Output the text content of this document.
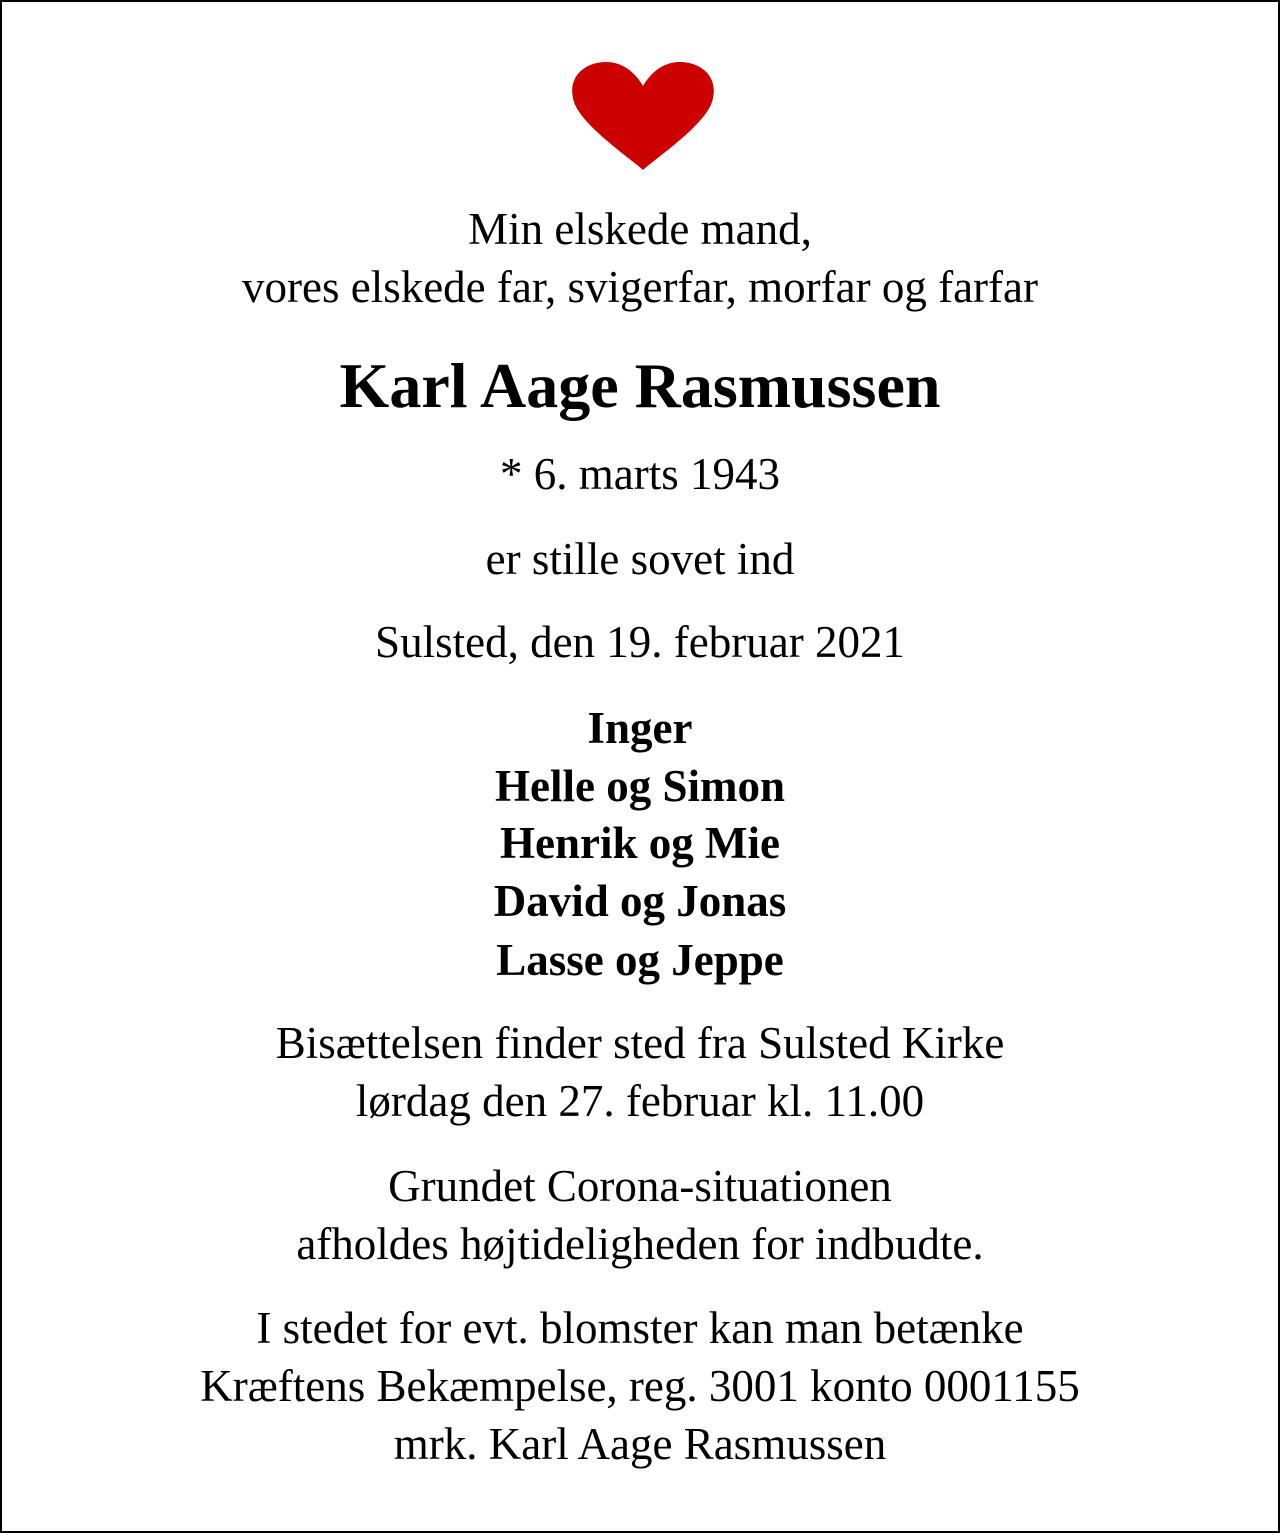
Min elskede mand,
vores elskede far, svigerfar, morfar og farfar
Karl Aage Rasmussen
* 6. marts 1943
er stille sovet ind
Sulsted, den 19. februar 2021
Inger
Helle og Simon
Henrik og Mie
David og Jonas
Lasse og Jeppe
Bisættelsen finder sted fra Sulsted Kirke
lørdag den 27. februar kl. 11.00
Grundet Corona-situationen
afholdes højtideligheden for indbudte.
I stedet for evt. blomster kan man betænke
Kræftens Bekæmpelse, reg. 3001 konto 0001155
mrk. Karl Aage Rasmussen
